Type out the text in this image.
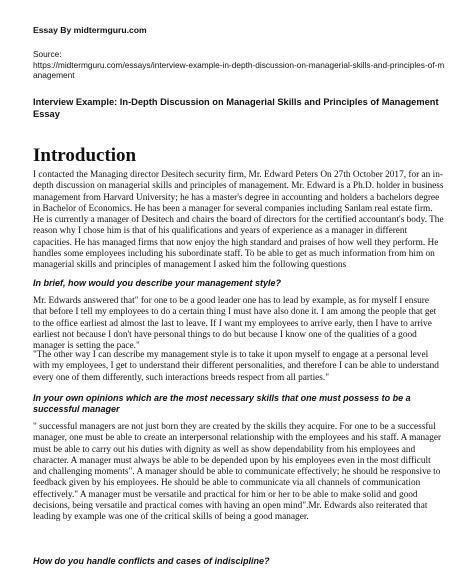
Essay By midtermguru.com
Source:
https://midtermguru.com/essays/interview-example-in-depth-discussion-on-managerial-skills-and-principles-of-management
Interview Example: In-Depth Discussion on Managerial Skills and Principles of Management Essay
Introduction

I contacted the Managing director Desitech security firm, Mr. Edward Peters On 27th October 2017, for an in-depth discussion on managerial skills and principles of management. Mr. Edward is a Ph.D. holder in business management from Harvard University; he has a master's degree in accounting and holders a bachelors degree in Bachelor of Economics. He has been a manager for several companies including Sanlam real estate firm. He is currently a manager of Desitech and chairs the board of directors for the certified accountant's body. The reason why I chose him is that of his qualifications and years of experience as a manager in different capacities. He has managed firms that now enjoy the high standard and praises of how well they perform. He handles some employees including his subordinate staff. To be able to get as much information from him on managerial skills and principles of management I asked him the following questions

In brief, how would you describe your management style?

Mr. Edwards answered that" for one to be a good leader one has to lead by example, as for myself I ensure that before I tell my employees to do a certain thing I must have also done it. I am among the people that get to the office earliest ad almost the last to leave. If I want my employees to arrive early, then I have to arrive earliest not because I don't have personal things to do but because I know one of the qualities of a good manager is setting the pace."

"The other way I can describe my management style is to take it upon myself to engage at a personal level with my employees, I get to understand their different personalities, and therefore I can be able to understand every one of them differently, such interactions breeds respect from all parties."

In your own opinions which are the most necessary skills that one must possess to be a successful manager

" successful managers are not just born they are created by the skills they acquire. For one to be a successful manager, one must be able to create an interpersonal relationship with the employees and his staff. A manager must be able to carry out his duties with dignity as well as show dependability from his employees and character. A manager must always be able to be depended upon by his employees even in the most difficult and challenging moments". A manager should be able to communicate effectively; he should be responsive to feedback given by his employees. He should be able to communicate via all channels of communication effectively." A manager must be versatile and practical for him or her to be able to make solid and good decisions, being versatile and practical comes with having an open mind".Mr. Edwards also reiterated that leading by example was one of the critical skills of being a good manager.

How do you handle conflicts and cases of indiscipline?
